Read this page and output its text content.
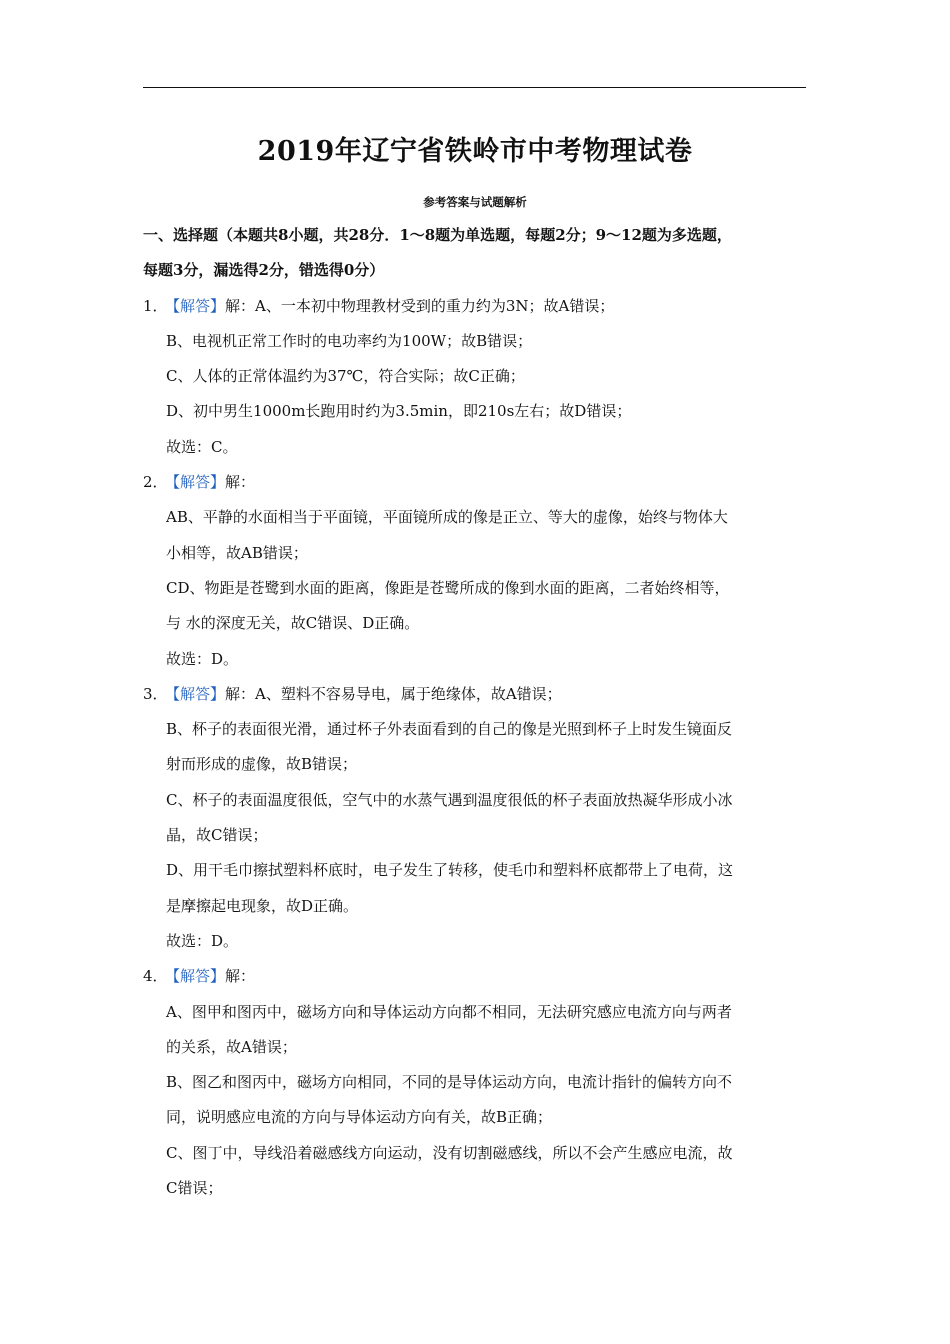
2019年辽宁省铁岭市中考物理试卷
参考答案与试题解析
一、选择题（本题共8小题，共28分．1～8题为单选题，每题2分；9～12题为多选题，
每题3分，漏选得2分，错选得0分）
1．【解答】解：A、一本初中物理教材受到的重力约为3N；故A错误；
B、电视机正常工作时的电功率约为100W；故B错误；
C、人体的正常体温约为37℃，符合实际；故C正确；
D、初中男生1000m长跑用时约为3.5min，即210s左右；故D错误；
故选：C。
2．【解答】解：
AB、平静的水面相当于平面镜，平面镜所成的像是正立、等大的虚像，始终与物体大
小相等，故AB错误；
CD、物距是苍鹭到水面的距离，像距是苍鹭所成的像到水面的距离，二者始终相等，
与 水的深度无关，故C错误、D正确。
故选：D。
3．【解答】解：A、塑料不容易导电，属于绝缘体，故A错误；
B、杯子的表面很光滑，通过杯子外表面看到的自己的像是光照到杯子上时发生镜面反
射而形成的虚像，故B错误；
C、杯子的表面温度很低，空气中的水蒸气遇到温度很低的杯子表面放热凝华形成小冰
晶，故C错误；
D、用干毛巾擦拭塑料杯底时，电子发生了转移，使毛巾和塑料杯底都带上了电荷，这
是摩擦起电现象，故D正确。
故选：D。
4．【解答】解：
A、图甲和图丙中，磁场方向和导体运动方向都不相同，无法研究感应电流方向与两者
的关系，故A错误；
B、图乙和图丙中，磁场方向相同，不同的是导体运动方向，电流计指针的偏转方向不
同，说明感应电流的方向与导体运动方向有关，故B正确；
C、图丁中，导线沿着磁感线方向运动，没有切割磁感线，所以不会产生感应电流，故
C错误；
